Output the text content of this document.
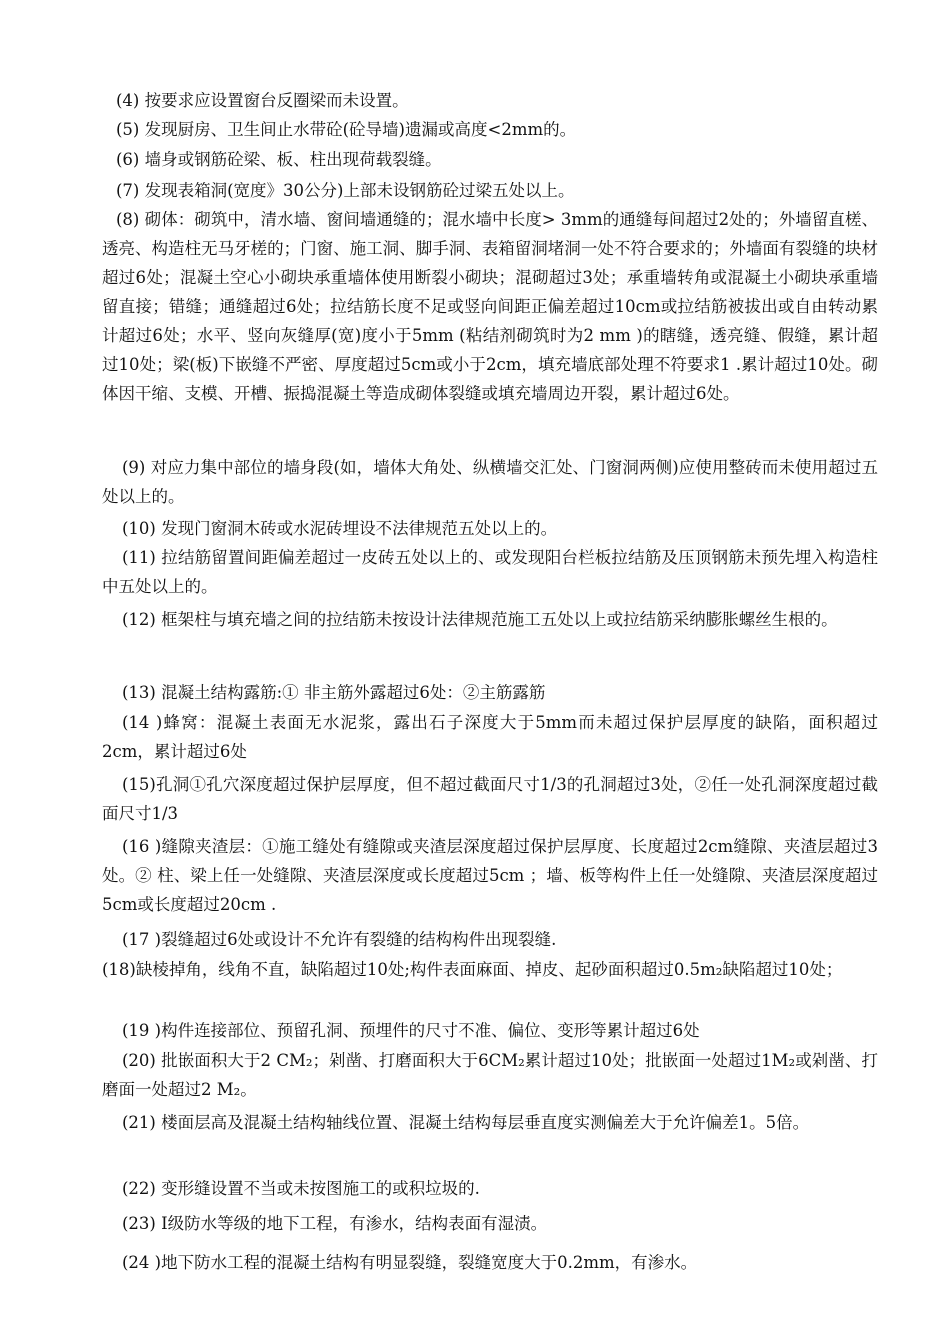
(4) 按要求应设置窗台反圈梁而未设置。

(5) 发现厨房、卫生间止水带砼(砼导墙)遗漏或高度<2mm的。

(6) 墙身或钢筋砼梁、板、柱出现荷载裂缝。

(7) 发现表箱洞(宽度》30公分)上部未设钢筋砼过梁五处以上。

(8) 砌体：砌筑中，清水墙、窗间墙通缝的；混水墙中长度> 3mm的通缝每间超过2处的；外墙留直槎、透亮、构造柱无马牙槎的；门窗、施工洞、脚手洞、表箱留洞堵洞一处不符合要求的；外墙面有裂缝的块材超过6处；混凝土空心小砌块承重墙体使用断裂小砌块；混砌超过3处；承重墙转角或混凝土小砌块承重墙留直接；错缝；通缝超过6处；拉结筋长度不足或竖向间距正偏差超过10cm或拉结筋被拔出或自由转动累计超过6处；水平、竖向灰缝厚(宽)度小于5mm (粘结剂砌筑时为2 mm )的瞎缝，透亮缝、假缝，累计超过10处；梁(板)下嵌缝不严密、厚度超过5cm或小于2cm，填充墙底部处理不符要求1 .累计超过10处。砌体因干缩、支模、开槽、振捣混凝土等造成砌体裂缝或填充墙周边开裂，累计超过6处。

(9) 对应力集中部位的墙身段(如，墙体大角处、纵横墙交汇处、门窗洞两侧)应使用整砖而未使用超过五处以上的。

(10) 发现门窗洞木砖或水泥砖埋设不法律规范五处以上的。

(11) 拉结筋留置间距偏差超过一皮砖五处以上的、或发现阳台栏板拉结筋及压顶钢筋未预先埋入构造柱中五处以上的。

(12) 框架柱与填充墙之间的拉结筋未按设计法律规范施工五处以上或拉结筋采纳膨胀螺丝生根的。

(13) 混凝土结构露筋:① 非主筋外露超过6处：②主筋露筋

(14 )蜂窝：混凝土表面无水泥浆，露出石子深度大于5mm而未超过保护层厚度的缺陷，面积超过2cm，累计超过6处

(15)孔洞①孔穴深度超过保护层厚度，但不超过截面尺寸1/3的孔洞超过3处，②任一处孔洞深度超过截面尺寸1/3

(16 )缝隙夹渣层：①施工缝处有缝隙或夹渣层深度超过保护层厚度、长度超过2cm缝隙、夹渣层超过3处。② 柱、梁上任一处缝隙、夹渣层深度或长度超过5cm ；墙、板等构件上任一处缝隙、夹渣层深度超过5cm或长度超过20cm .

(17 )裂缝超过6处或设计不允许有裂缝的结构构件出现裂缝.

(18)缺棱掉角，线角不直，缺陷超过10处;构件表面麻面、掉皮、起砂面积超过0.5m₂缺陷超过10处；

(19 )构件连接部位、预留孔洞、预埋件的尺寸不准、偏位、变形等累计超过6处

(20) 批嵌面积大于2 CM₂；剁凿、打磨面积大于6CM₂累计超过10处；批嵌面一处超过1M₂或剁凿、打磨面一处超过2 M₂。

(21) 楼面层高及混凝土结构轴线位置、混凝土结构每层垂直度实测偏差大于允许偏差1。5倍。

(22) 变形缝设置不当或未按图施工的或积垃圾的.

(23) I级防水等级的地下工程，有渗水，结构表面有湿渍。

(24 )地下防水工程的混凝土结构有明显裂缝，裂缝宽度大于0.2mm，有渗水。
